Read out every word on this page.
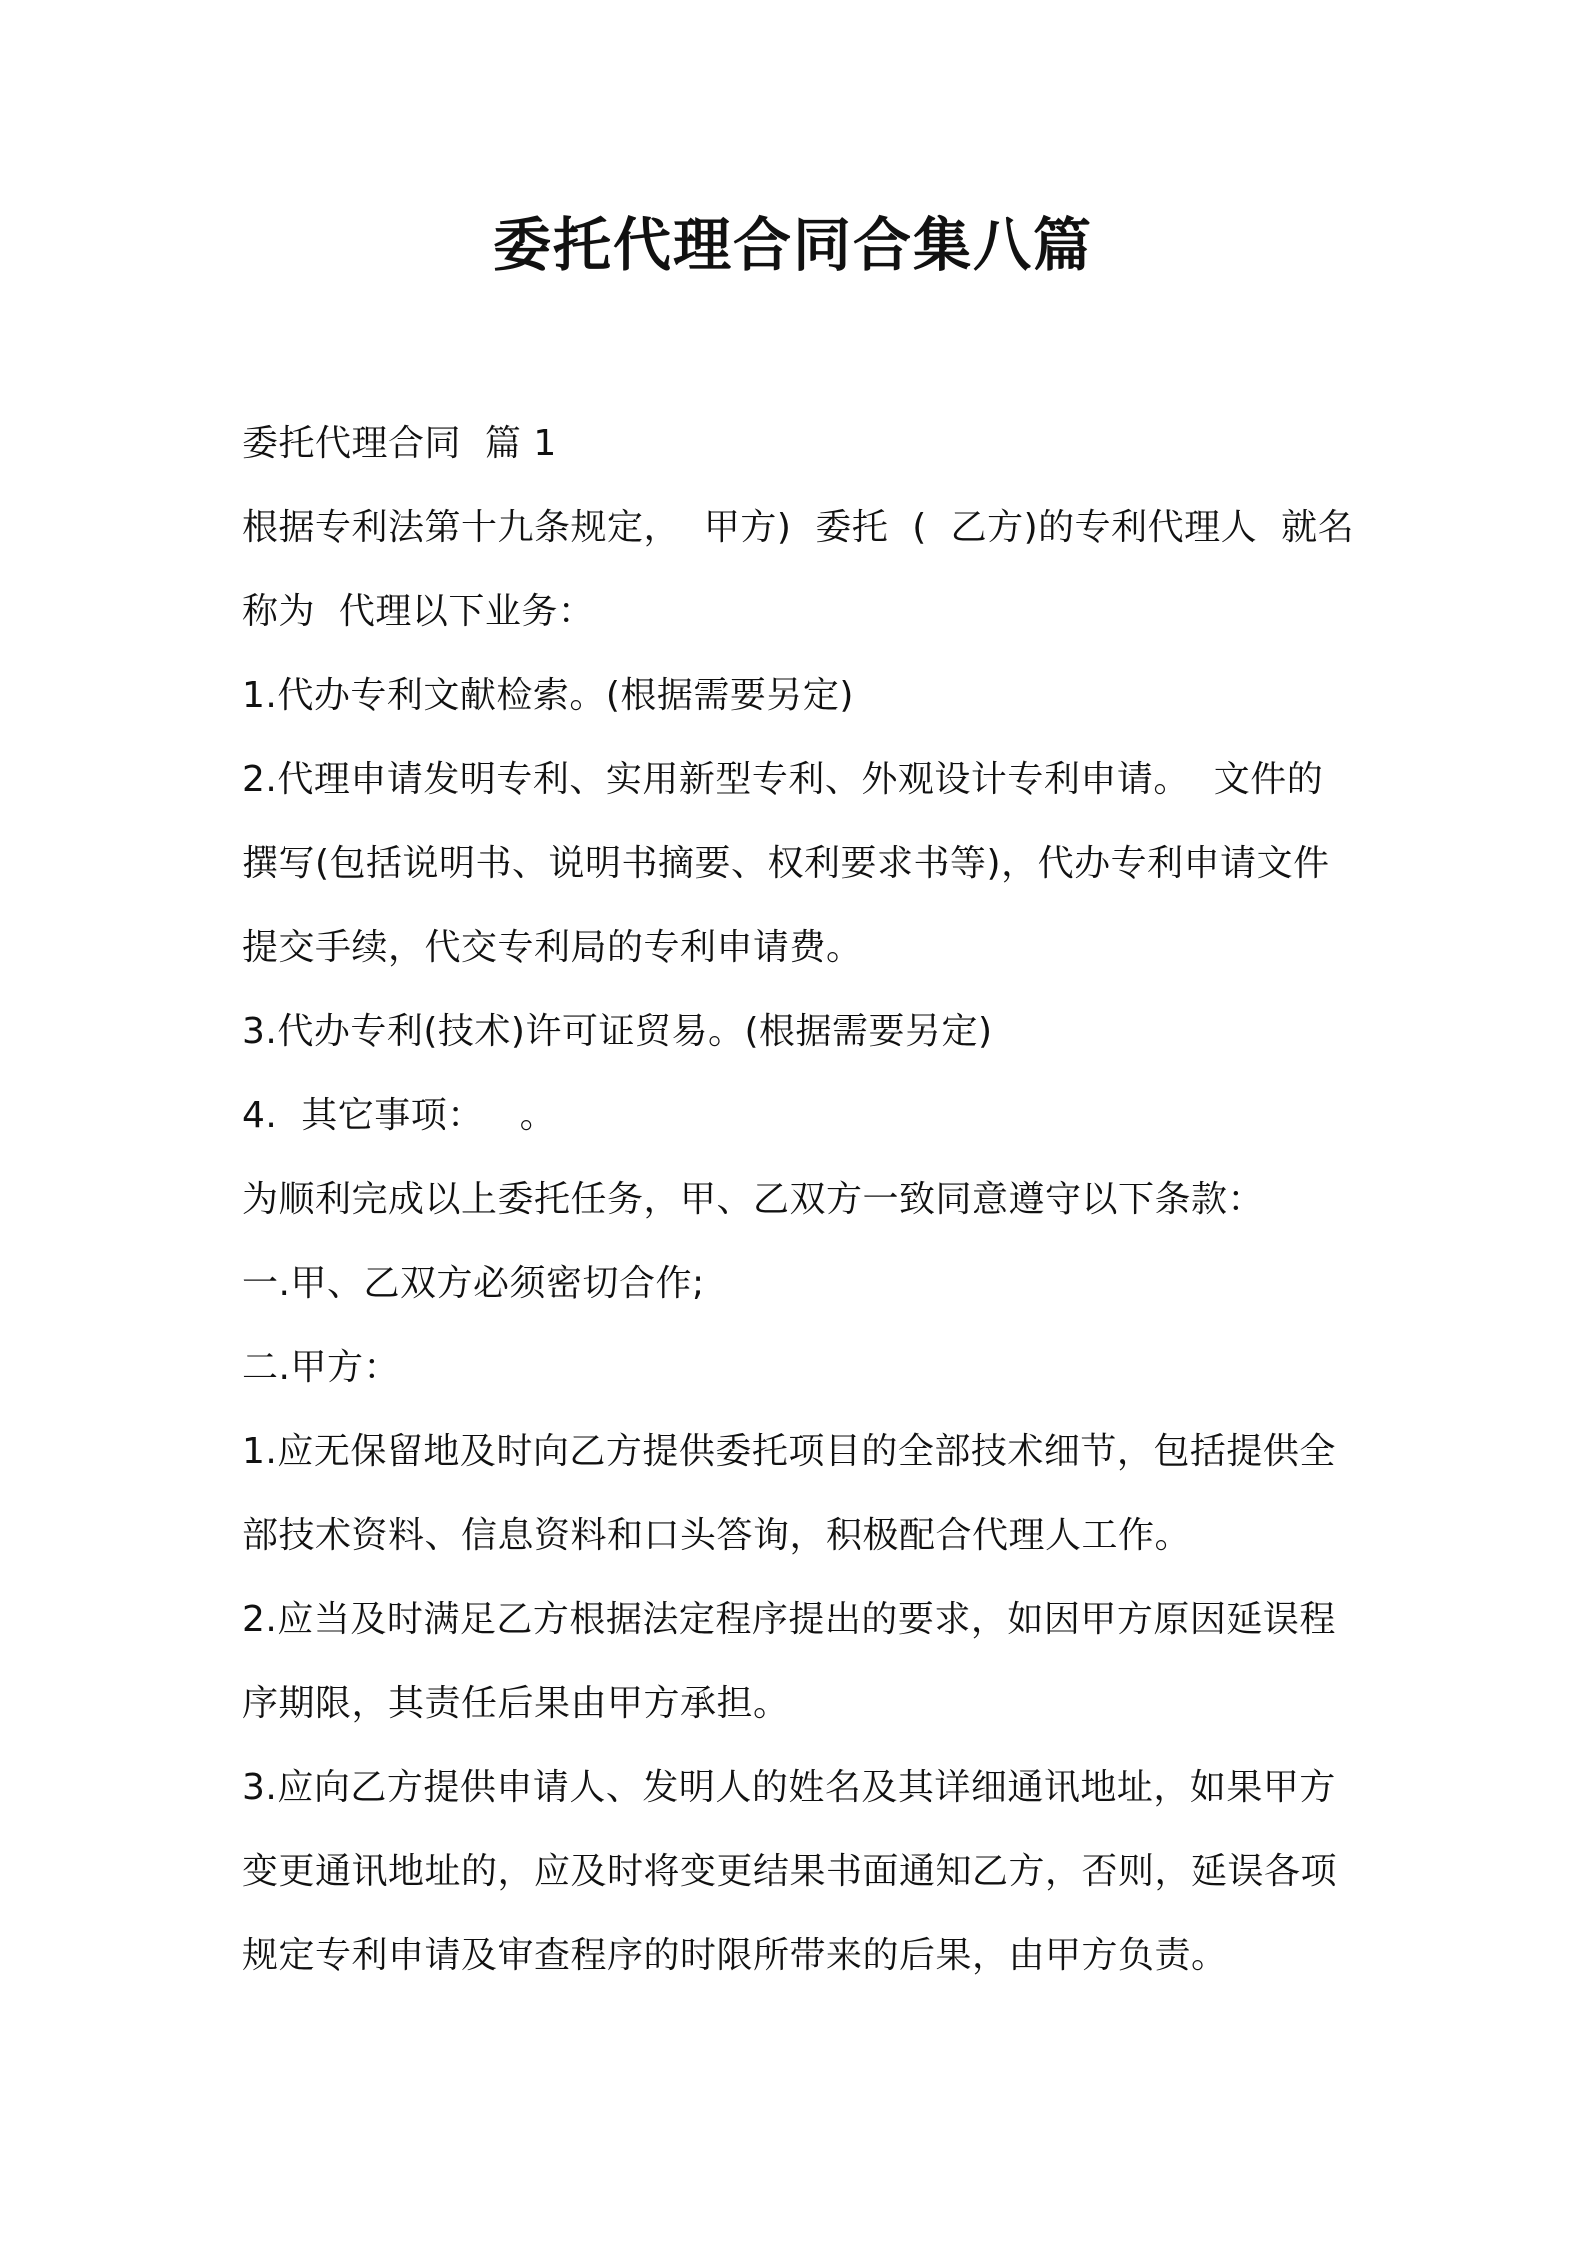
委托代理合同合集八篇

委托代理合同  篇 1

根据专利法第十九条规定，  甲方)  委托  (  乙方)的专利代理人  就名

称为  代理以下业务：

1.代办专利文献检索。(根据需要另定)

2.代理申请发明专利、实用新型专利、外观设计专利申请。  文件的

撰写(包括说明书、说明书摘要、权利要求书等)，代办专利申请文件

提交手续，代交专利局的专利申请费。

3.代办专利(技术)许可证贸易。(根据需要另定)

4.  其它事项：   。

为顺利完成以上委托任务，甲、乙双方一致同意遵守以下条款：

一.甲、乙双方必须密切合作;

二.甲方：

1.应无保留地及时向乙方提供委托项目的全部技术细节，包括提供全

部技术资料、信息资料和口头答询，积极配合代理人工作。

2.应当及时满足乙方根据法定程序提出的要求，如因甲方原因延误程

序期限，其责任后果由甲方承担。

3.应向乙方提供申请人、发明人的姓名及其详细通讯地址，如果甲方

变更通讯地址的，应及时将变更结果书面通知乙方，否则，延误各项

规定专利申请及审查程序的时限所带来的后果，由甲方负责。
